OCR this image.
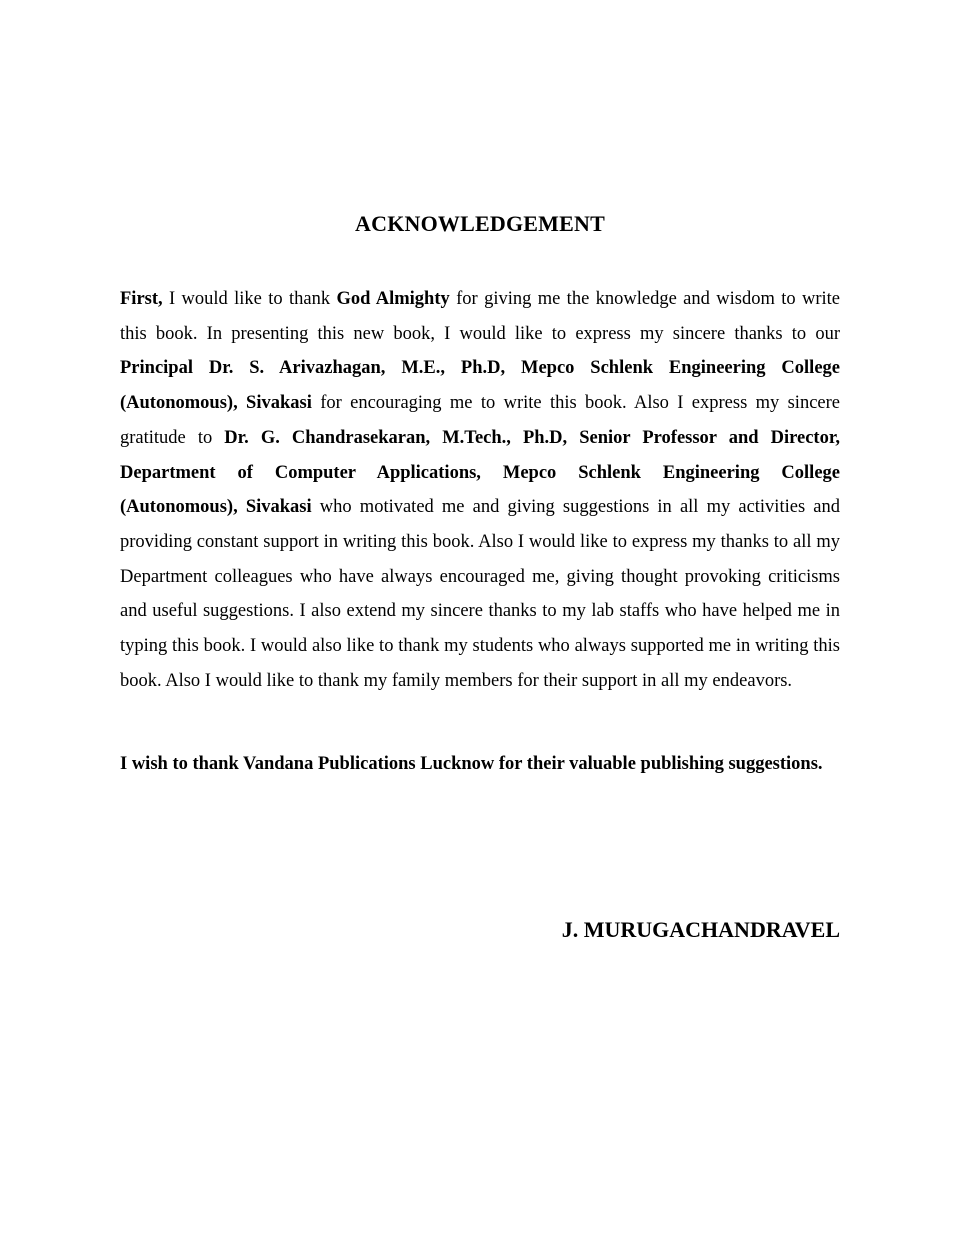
ACKNOWLEDGEMENT

First, I would like to thank God Almighty for giving me the knowledge and wisdom to write this book. In presenting this new book, I would like to express my sincere thanks to our Principal Dr. S. Arivazhagan, M.E., Ph.D, Mepco Schlenk Engineering College (Autonomous), Sivakasi for encouraging me to write this book. Also I express my sincere gratitude to Dr. G. Chandrasekaran, M.Tech., Ph.D, Senior Professor and Director, Department of Computer Applications, Mepco Schlenk Engineering College (Autonomous), Sivakasi who motivated me and giving suggestions in all my activities and providing constant support in writing this book. Also I would like to express my thanks to all my Department colleagues who have always encouraged me, giving thought provoking criticisms and useful suggestions. I also extend my sincere thanks to my lab staffs who have helped me in typing this book. I would also like to thank my students who always supported me in writing this book. Also I would like to thank my family members for their support in all my endeavors.

I wish to thank Vandana Publications Lucknow for their valuable publishing suggestions.

J. MURUGACHANDRAVEL
